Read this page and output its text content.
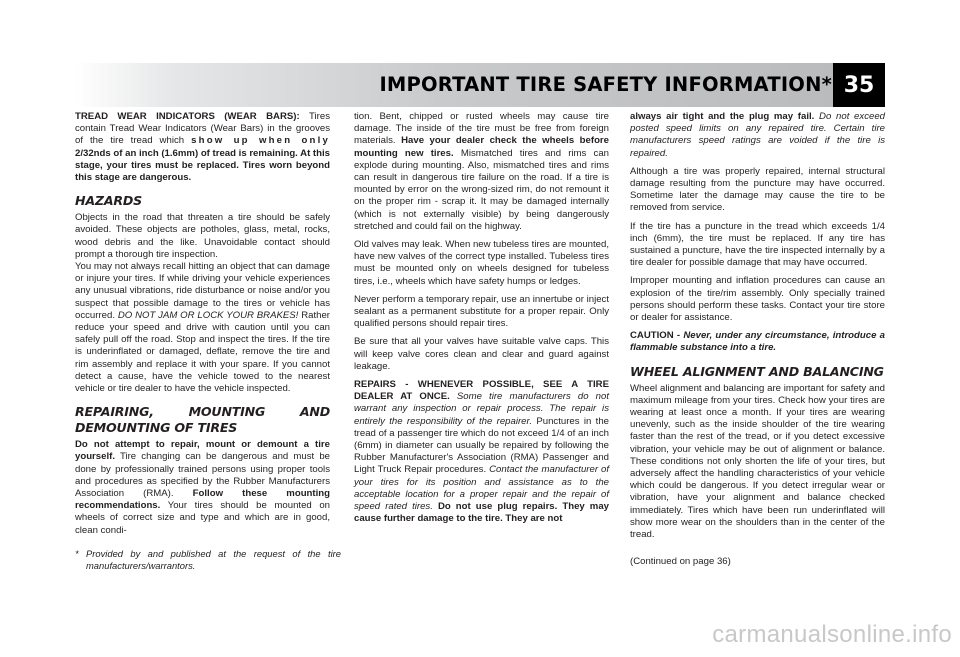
IMPORTANT TIRE SAFETY INFORMATION* 35

TREAD WEAR INDICATORS (WEAR BARS): Tires contain Tread Wear Indicators (Wear Bars) in the grooves of the tire tread which show up when only 2/32nds of an inch (1.6mm) of tread is remaining. At this stage, your tires must be replaced. Tires worn beyond this stage are dangerous.

HAZARDS

Objects in the road that threaten a tire should be safely avoided. These objects are potholes, glass, metal, rocks, wood debris and the like. Unavoidable contact should prompt a thorough tire inspection.

You may not always recall hitting an object that can damage or injure your tires. If while driving your vehicle experiences any unusual vibrations, ride disturbance or noise and/or you suspect that possible damage to the tires or vehicle has occurred. DO NOT JAM OR LOCK YOUR BRAKES! Rather reduce your speed and drive with caution until you can safely pull off the road. Stop and inspect the tires. If the tire is underinflated or damaged, deflate, remove the tire and rim assembly and replace it with your spare. If you cannot detect a cause, have the vehicle towed to the nearest vehicle or tire dealer to have the vehicle inspected.

REPAIRING, MOUNTING AND DEMOUNTING OF TIRES

Do not attempt to repair, mount or demount a tire yourself. Tire changing can be dangerous and must be done by professionally trained persons using proper tools and procedures as specified by the Rubber Manufacturers Association (RMA). Follow these mounting recommendations. Your tires should be mounted on wheels of correct size and type and which are in good, clean condi-

* Provided by and published at the request of the tire manufacturers/warrantors.

tion. Bent, chipped or rusted wheels may cause tire damage. The inside of the tire must be free from foreign materials. Have your dealer check the wheels before mounting new tires. Mismatched tires and rims can explode during mounting. Also, mismatched tires and rims can result in dangerous tire failure on the road. If a tire is mounted by error on the wrong-sized rim, do not remount it on the proper rim - scrap it. It may be damaged internally (which is not externally visible) by being dangerously stretched and could fail on the highway.

Old valves may leak. When new tubeless tires are mounted, have new valves of the correct type installed. Tubeless tires must be mounted only on wheels designed for tubeless tires, i.e., wheels which have safety humps or ledges.

Never perform a temporary repair, use an innertube or inject sealant as a permanent substitute for a proper repair. Only qualified persons should repair tires.

Be sure that all your valves have suitable valve caps. This will keep valve cores clean and clear and guard against leakage.

REPAIRS - WHENEVER POSSIBLE, SEE A TIRE DEALER AT ONCE. Some tire manufacturers do not warrant any inspection or repair process. The repair is entirely the responsibility of the repairer. Punctures in the tread of a passenger tire which do not exceed 1/4 of an inch (6mm) in diameter can usually be repaired by following the Rubber Manufacturer's Association (RMA) Passenger and Light Truck Repair procedures. Contact the manufacturer of your tires for its position and assistance as to the acceptable location for a proper repair and the repair of speed rated tires. Do not use plug repairs. They may cause further damage to the tire. They are not

always air tight and the plug may fail. Do not exceed posted speed limits on any repaired tire. Certain tire manufacturers speed ratings are voided if the tire is repaired.

Although a tire was properly repaired, internal structural damage resulting from the puncture may have occurred. Sometime later the damage may cause the tire to be removed from service.

If the tire has a puncture in the tread which exceeds 1/4 inch (6mm), the tire must be replaced. If any tire has sustained a puncture, have the tire inspected internally by a tire dealer for possible damage that may have occurred.

Improper mounting and inflation procedures can cause an explosion of the tire/rim assembly. Only specially trained persons should perform these tasks. Contact your tire store or dealer for assistance.

CAUTION - Never, under any circumstance, introduce a flammable substance into a tire.

WHEEL ALIGNMENT AND BALANCING

Wheel alignment and balancing are important for safety and maximum mileage from your tires. Check how your tires are wearing at least once a month. If your tires are wearing unevenly, such as the inside shoulder of the tire wearing faster than the rest of the tread, or if you detect excessive vibration, your vehicle may be out of alignment or balance. These conditions not only shorten the life of your tires, but adversely affect the handling characteristics of your vehicle which could be dangerous. If you detect irregular wear or vibration, have your alignment and balance checked immediately. Tires which have been run underinflated will show more wear on the shoulders than in the center of the tread.

(Continued on page 36)
carmanualsonline.info
